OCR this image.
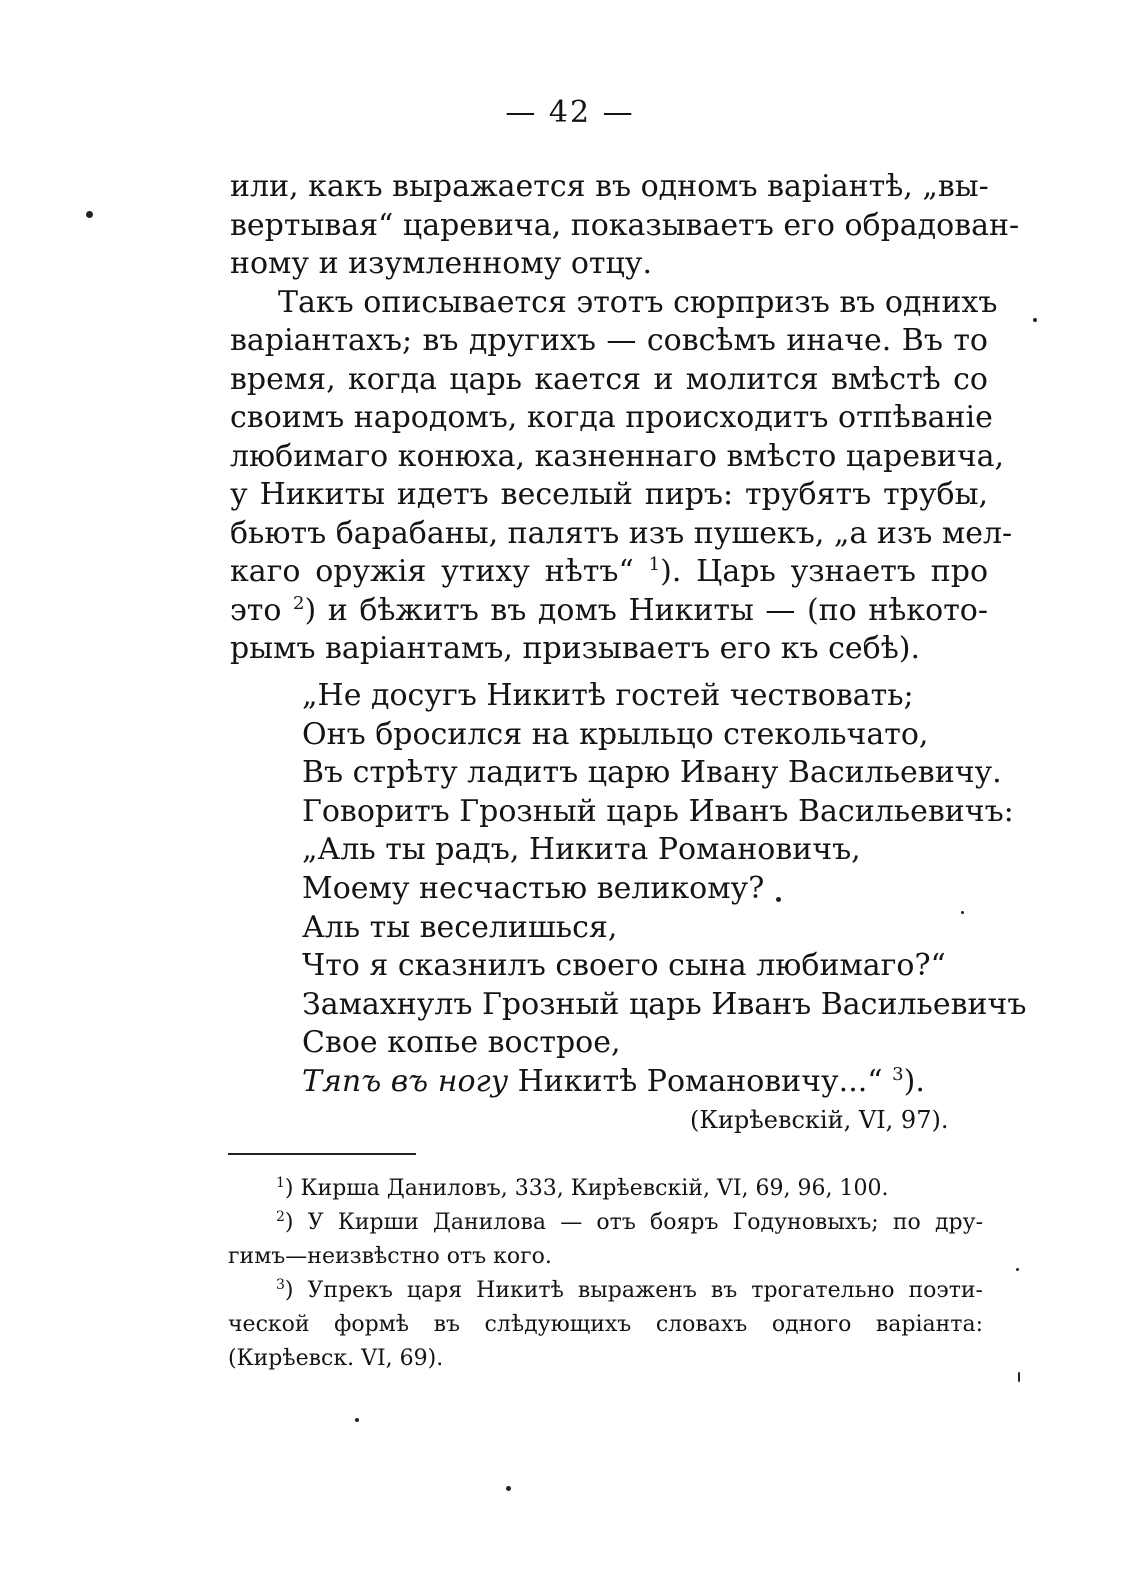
— 42 —
или, какъ выражается въ одномъ варіантѣ, „вы-
вертывая“ царевича, показываетъ его обрадован-
ному и изумленному отцу.
Такъ описывается этотъ сюрпризъ въ однихъ
варіантахъ; въ другихъ — совсѣмъ иначе. Въ то
время, когда царь кается и молится вмѣстѣ со
своимъ народомъ, когда происходитъ отпѣваніе
любимаго конюха, казненнаго вмѣсто царевича,
у Никиты идетъ веселый пиръ: трубятъ трубы,
бьютъ барабаны, палятъ изъ пушекъ, „а изъ мел-
каго оружія утиху нѣтъ“ $^1$). Царь узнаетъ про
это $^2$) и бѣжитъ въ домъ Никиты — (по нѣкото-
рымъ варіантамъ, призываетъ его къ себѣ).
„Не досугъ Никитѣ гостей чествовать;
Онъ бросился на крыльцо стекольчато,
Въ стрѣту ладитъ царю Ивану Васильевичу.
Говоритъ Грозный царь Иванъ Васильевичъ:
„Аль ты радъ, Никита Романовичъ,
Моему несчастью великому?
Аль ты веселишься,
Что я сказнилъ своего сына любимаго?“
Замахнулъ Грозный царь Иванъ Васильевичъ
Свое копье вострое,
Тяпъ въ ногу Никитѣ Романовичу...“ $^3$).
(Кирѣевскій, VI, 97).
$^1$) Кирша Даниловъ, 333, Кирѣевскій, VI, 69, 96, 100.
$^2$) У Кирши Данилова — отъ бояръ Годуновыхъ; по дру-
гимъ—неизвѣстно отъ кого.
$^3$) Упрекъ царя Никитѣ выраженъ въ трогательно поэти-
ческой формѣ въ слѣдующихъ словахъ одного варіанта:
(Кирѣевск. VI, 69).
